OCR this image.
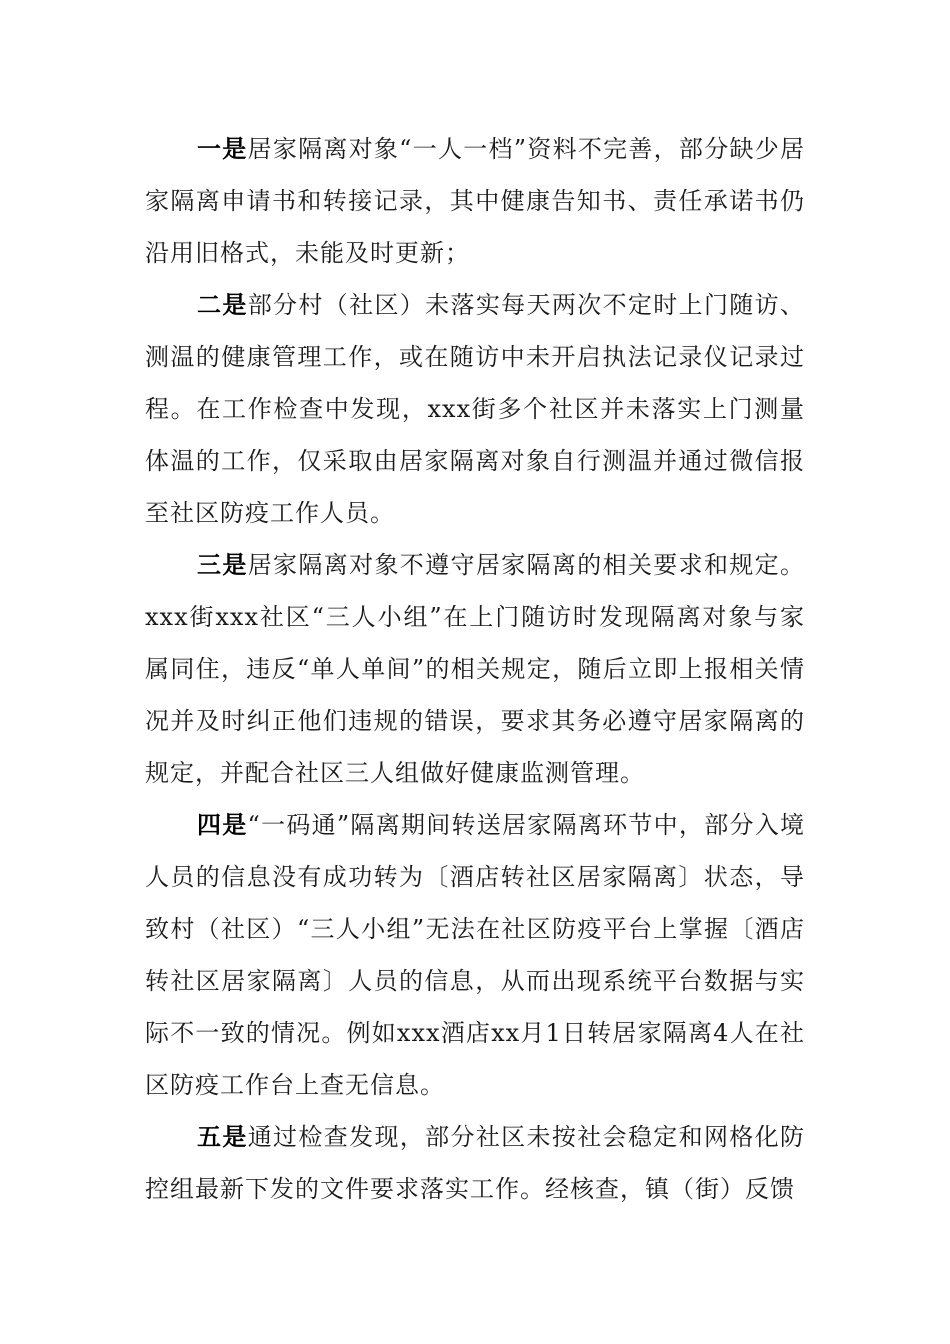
一是居家隔离对象“一人一档”资料不完善，部分缺少居家隔离申请书和转接记录，其中健康告知书、责任承诺书仍沿用旧格式，未能及时更新；

二是部分村（社区）未落实每天两次不定时上门随访、测温的健康管理工作，或在随访中未开启执法记录仪记录过程。在工作检查中发现，xxx街多个社区并未落实上门测量体温的工作，仅采取由居家隔离对象自行测温并通过微信报至社区防疫工作人员。

三是居家隔离对象不遵守居家隔离的相关要求和规定。xxx街xxx社区“三人小组”在上门随访时发现隔离对象与家属同住，违反“单人单间”的相关规定，随后立即上报相关情况并及时纠正他们违规的错误，要求其务必遵守居家隔离的规定，并配合社区三人组做好健康监测管理。

四是“一码通”隔离期间转送居家隔离环节中，部分入境人员的信息没有成功转为〔酒店转社区居家隔离〕状态，导致村（社区）“三人小组”无法在社区防疫平台上掌握〔酒店转社区居家隔离〕人员的信息，从而出现系统平台数据与实际不一致的情况。例如xxx酒店xx月1日转居家隔离4人在社区防疫工作台上查无信息。

五是通过检查发现，部分社区未按社会稳定和网格化防控组最新下发的文件要求落实工作。经核查，镇（街）反馈
